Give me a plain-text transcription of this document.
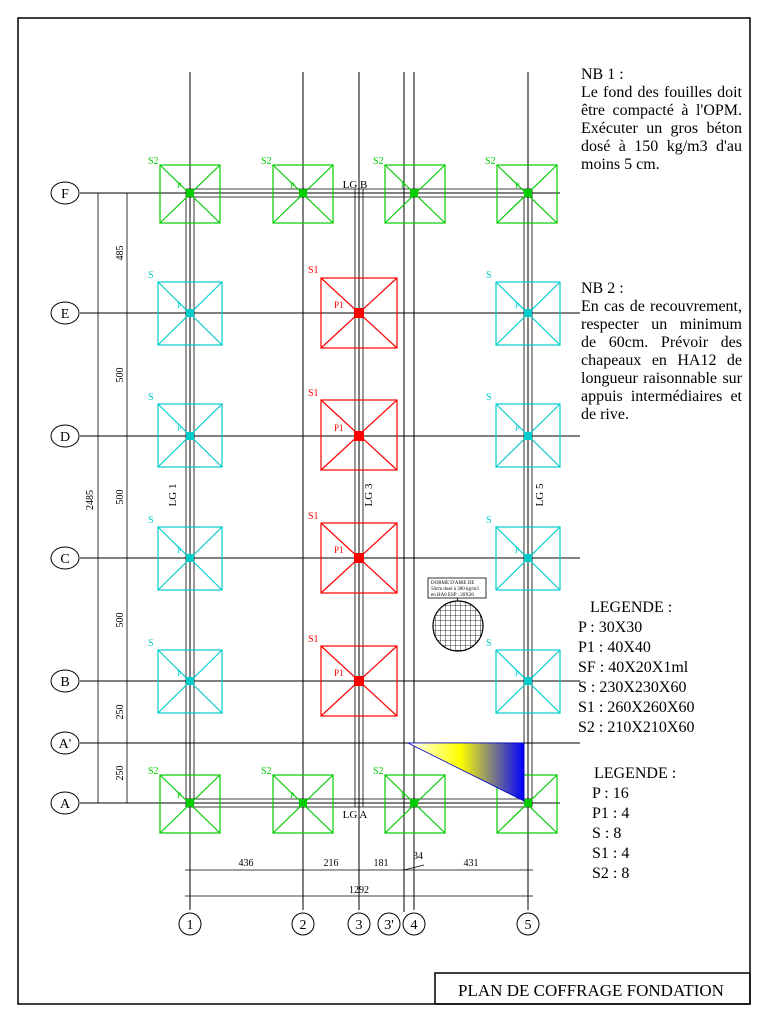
PLAN DE COFFRAGE FONDATION
LG B
LG A
LG 1	LG 3	LG 5
S2	S2	S2	S2
S2	S2	S2
P	P	P	P
P	P	P
S
S
S
S
S
S
S
S
P
P
P
P
P
P
P
P
S1
S1
S1
S1
P1
P1
P1
P1
DORME D'AIRE DE
50cm dosé à 300 kg/m3
en HA6 ESP : 20X20
2485
485
500
500
500
250
250
436	216	181
34
431
1292
F
E
D
C
B
A'
A
1	2	3 3' 4	5
NB 1 :
Le fond des fouilles doit être compacté à l'OPM. Exécuter un gros béton dosé à 150 kg/m3 d'au moins 5 cm.
NB 2 :
En cas de recouvrement, respecter un minimum de 60cm. Prévoir des chapeaux en HA12 de longueur raisonnable sur appuis intermédiaires et de rive.
LEGENDE :
P : 30X30
P1 : 40X40
SF : 40X20X1ml
S : 230X230X60
S1 : 260X260X60
S2 : 210X210X60
LEGENDE :
P : 16
P1 : 4
S : 8
S1 : 4
S2 : 8
